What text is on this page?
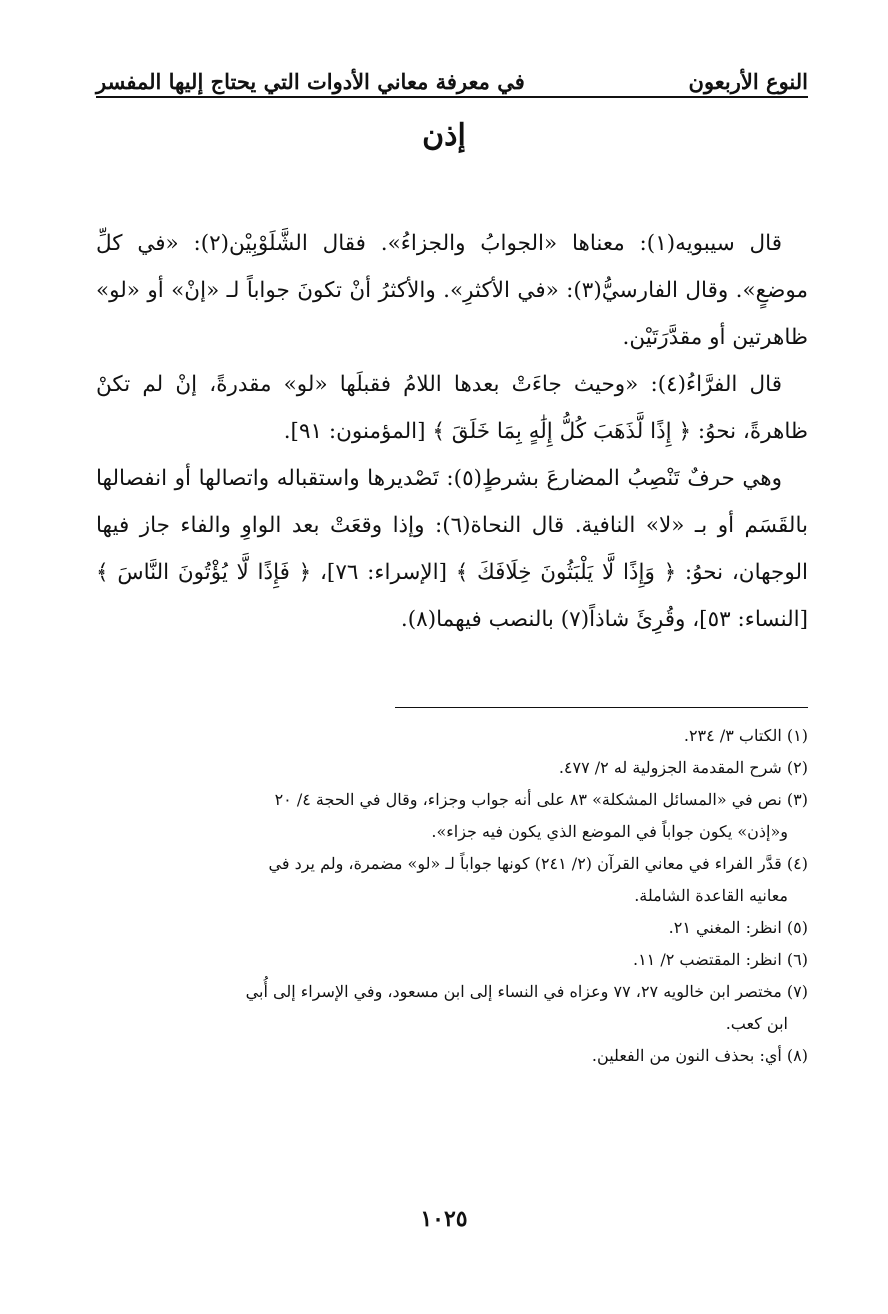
النوع الأربعون
في معرفة معاني الأدوات التي يحتاج إليها المفسر
إذن

قال سيبويه(١): معناها «الجوابُ والجزاءُ». فقال الشَّلَوْبِيْن(٢): «في كلِّ موضعٍ». وقال الفارسيُّ(٣): «في الأكثرِ». والأكثرُ أنْ تكونَ جواباً لـ «إنْ» أو «لو» ظاهرتين أو مقدَّرَتَيْن.

قال الفرَّاءُ(٤): «وحيث جاءَتْ بعدها اللامُ فقبلَها «لو» مقدرةً، إنْ لم تكنْ ظاهرةً، نحوُ: ﴿ إِذًا لَّذَهَبَ كُلُّ إِلَٰهٍ بِمَا خَلَقَ ﴾ [المؤمنون: ٩١].

وهي حرفٌ تَنْصِبُ المضارعَ بشرطٍ(٥): تَصْديرها واستقباله واتصالها أو انفصالها بالقَسَم أو بـ «لا» النافية. قال النحاة(٦): وإذا وقعَتْ بعد الواوِ والفاء جاز فيها الوجهان، نحوُ: ﴿ وَإِذًا لَّا يَلْبَثُونَ خِلَافَكَ ﴾ [الإسراء: ٧٦]، ﴿ فَإِذًا لَّا يُؤْتُونَ النَّاسَ ﴾ [النساء: ٥٣]، وقُرِئَ شاذاً(٧) بالنصب فيهما(٨).

(١) الكتاب ٣/ ٢٣٤.

(٢) شرح المقدمة الجزولية له ٢/ ٤٧٧.

(٣) نص في «المسائل المشكلة» ٨٣ على أنه جواب وجزاء، وقال في الحجة ٤/ ٢٠

و«إذن» يكون جواباً في الموضع الذي يكون فيه جزاء».

(٤) قدَّر الفراء في معاني القرآن (٢/ ٢٤١) كونها جواباً لـ «لو» مضمرة، ولم يرد في

معانيه القاعدة الشاملة.

(٥) انظر: المغني ٢١.

(٦) انظر: المقتضب ٢/ ١١.

(٧) مختصر ابن خالويه ٢٧، ٧٧ وعزاه في النساء إلى ابن مسعود، وفي الإسراء إلى أُبي

ابن كعب.

(٨) أي: بحذف النون من الفعلين.

١٠٢٥
